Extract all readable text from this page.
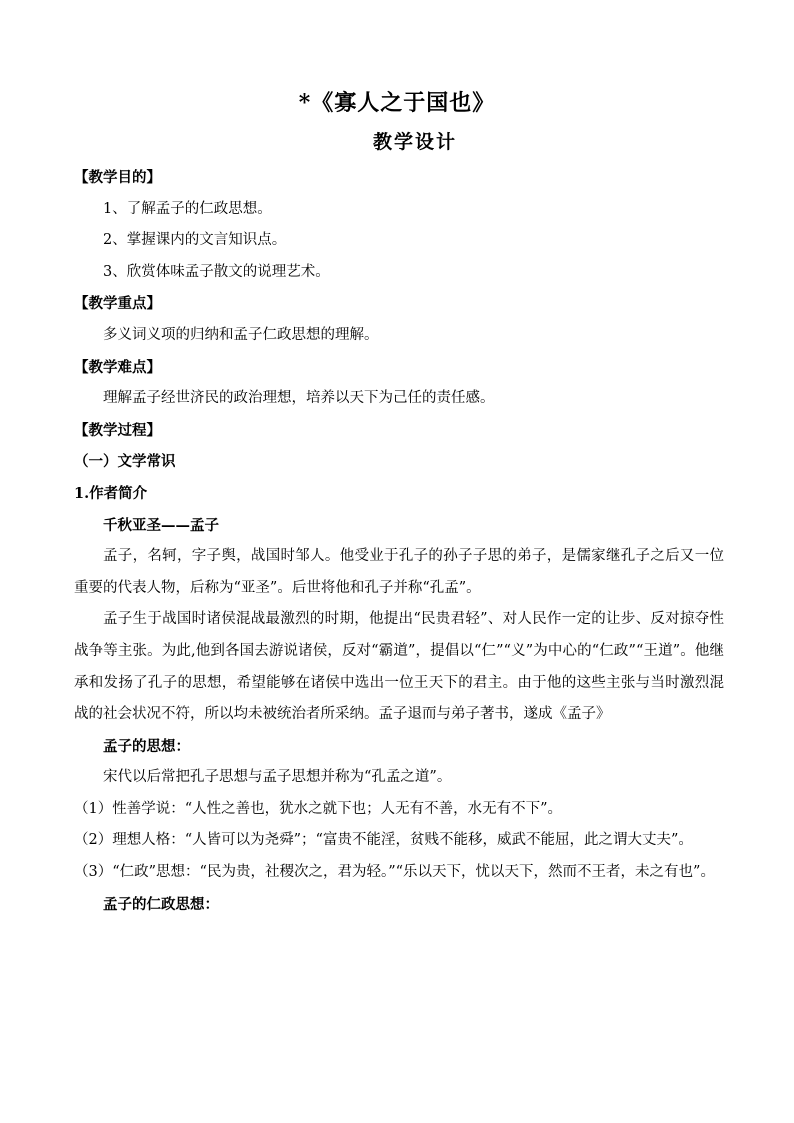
*《寡人之于国也》
教学设计

【教学目的】

1、了解孟子的仁政思想。

2、掌握课内的文言知识点。

3、欣赏体味孟子散文的说理艺术。

【教学重点】

多义词义项的归纳和孟子仁政思想的理解。

【教学难点】

理解孟子经世济民的政治理想，培养以天下为己任的责任感。

【教学过程】

（一）文学常识

1.作者简介

千秋亚圣——孟子

孟子，名轲，字子舆，战国时邹人。他受业于孔子的孙子子思的弟子，是儒家继孔子之后又一位重要的代表人物，后称为“亚圣”。后世将他和孔子并称“孔孟”。

孟子生于战国时诸侯混战最激烈的时期，他提出“民贵君轻”、对人民作一定的让步、反对掠夺性战争等主张。为此,他到各国去游说诸侯，反对“霸道”，提倡以“仁”“义”为中心的“仁政”“王道”。他继承和发扬了孔子的思想，希望能够在诸侯中选出一位王天下的君主。由于他的这些主张与当时激烈混战的社会状况不符，所以均未被统治者所采纳。孟子退而与弟子著书，遂成《孟子》

孟子的思想：

宋代以后常把孔子思想与孟子思想并称为“孔孟之道”。

（1）性善学说：“人性之善也，犹水之就下也；人无有不善，水无有不下”。

（2）理想人格：“人皆可以为尧舜”；“富贵不能淫，贫贱不能移，威武不能屈，此之谓大丈夫”。

（3）“仁政”思想：“民为贵，社稷次之，君为轻。”“乐以天下，忧以天下，然而不王者，未之有也”。

孟子的仁政思想：
